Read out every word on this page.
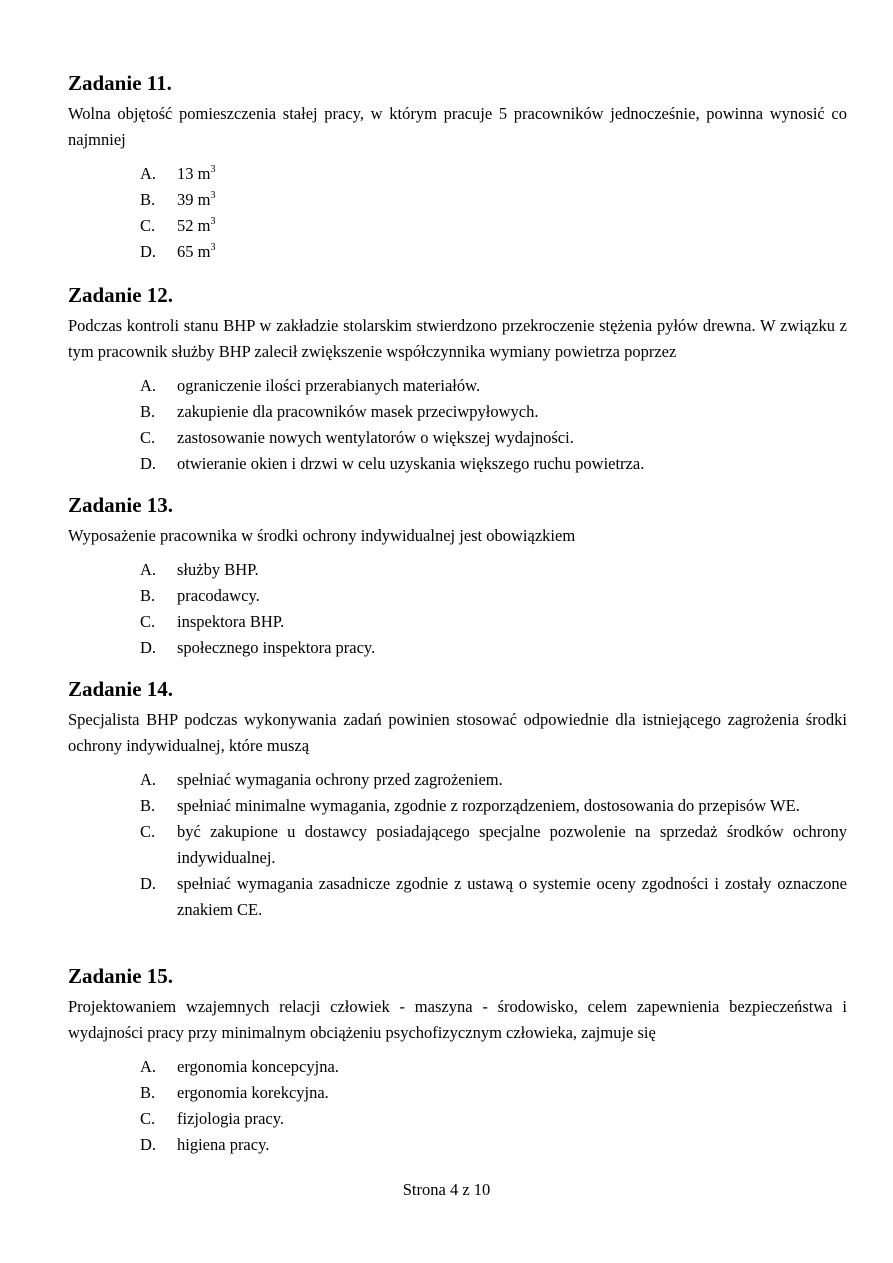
Zadanie 11.

Wolna objętość pomieszczenia stałej pracy, w którym pracuje 5 pracowników jednocześnie, powinna wynosić co najmniej

A. 13 $m^3$
B. 39 $m^3$
C. 52 $m^3$
D. 65 $m^3$
Zadanie 12.

Podczas kontroli stanu BHP w zakładzie stolarskim stwierdzono przekroczenie stężenia pyłów drewna. W związku z tym pracownik służby BHP zalecił zwiększenie współczynnika wymiany powietrza poprzez

A. ograniczenie ilości przerabianych materiałów.
B. zakupienie dla pracowników masek przeciwpyłowych.
C. zastosowanie nowych wentylatorów o większej wydajności.
D. otwieranie okien i drzwi w celu uzyskania większego ruchu powietrza.
Zadanie 13.

Wyposażenie pracownika w środki ochrony indywidualnej jest obowiązkiem

A. służby BHP.
B. pracodawcy.
C. inspektora BHP.
D. społecznego inspektora pracy.
Zadanie 14.

Specjalista BHP podczas wykonywania zadań powinien stosować odpowiednie dla istniejącego zagrożenia środki ochrony indywidualnej, które muszą

A. spełniać wymagania ochrony przed zagrożeniem.
B. spełniać minimalne wymagania, zgodnie z rozporządzeniem, dostosowania do przepisów WE.
C. być zakupione u dostawcy posiadającego specjalne pozwolenie na sprzedaż środków ochrony indywidualnej.
D. spełniać wymagania zasadnicze zgodnie z ustawą o systemie oceny zgodności i zostały oznaczone znakiem CE.
Zadanie 15.

Projektowaniem wzajemnych relacji człowiek - maszyna - środowisko, celem zapewnienia bezpieczeństwa i wydajności pracy przy minimalnym obciążeniu psychofizycznym człowieka, zajmuje się

A. ergonomia koncepcyjna.
B. ergonomia korekcyjna.
C. fizjologia pracy.
D. higiena pracy.
Strona 4 z 10
